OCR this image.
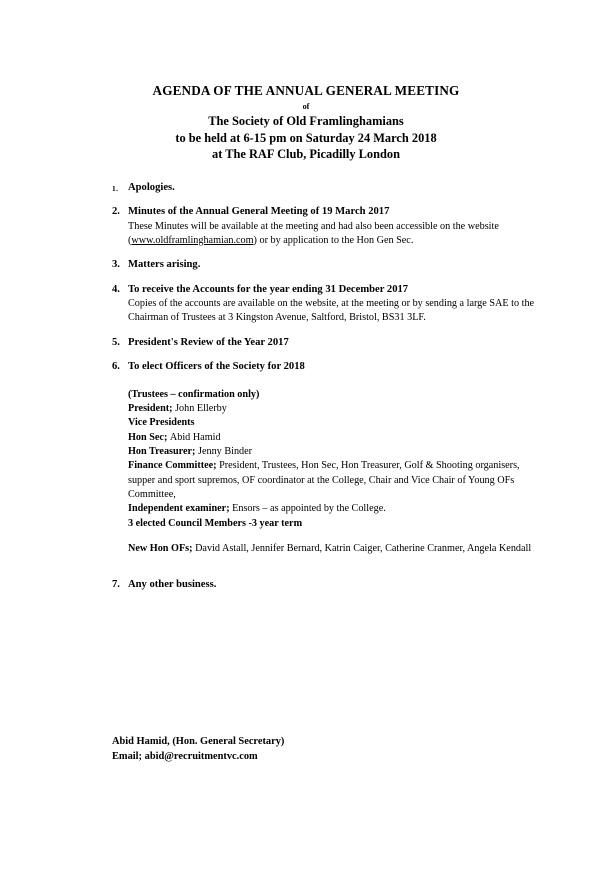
AGENDA OF THE ANNUAL GENERAL MEETING
of
The Society of Old Framlinghamians
to be held at 6-15 pm on Saturday 24 March 2018
at The RAF Club, Picadilly London
1. Apologies.
2. Minutes of the Annual General Meeting of 19 March 2017
These Minutes will be available at the meeting and had also been accessible on the website (www.oldframlinghamian.com) or by application to the Hon Gen Sec.
3. Matters arising.
4. To receive the Accounts for the year ending 31 December 2017
Copies of the accounts are available on the website, at the meeting or by sending a large SAE to the Chairman of Trustees at 3 Kingston Avenue, Saltford, Bristol, BS31 3LF.
5. President's Review of the Year 2017
6. To elect Officers of the Society for 2018
(Trustees – confirmation only)
President; John Ellerby
Vice Presidents
Hon Sec; Abid Hamid
Hon Treasurer; Jenny Binder
Finance Committee; President, Trustees, Hon Sec, Hon Treasurer, Golf & Shooting organisers, supper and sport supremos, OF coordinator at the College, Chair and Vice Chair of Young OFs Committee,
Independent examiner; Ensors – as appointed by the College.
3 elected Council Members -3 year term
New Hon OFs; David Astall, Jennifer Bernard, Katrin Caiger, Catherine Cranmer, Angela Kendall
7. Any other business.
Abid Hamid, (Hon. General Secretary)
Email; abid@recruitmentvc.com
